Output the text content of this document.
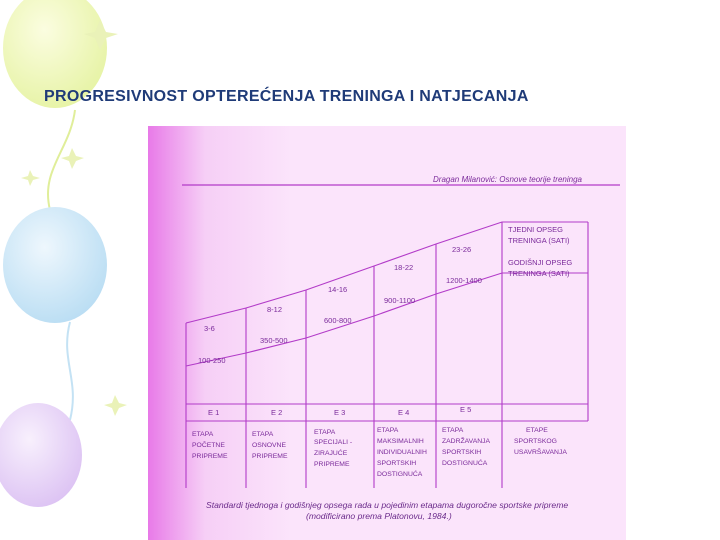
PROGRESIVNOST OPTEREĆENJA TRENINGA I NATJECANJA
Dragan Milanović: Osnove teorije treninga
TJEDNI OPSEG
TRENINGA (SATI)
GODIŠNJI OPSEG
TRENINGA (SATI)
3-6
8-12
14-16
18-22
23-26
100-250
350-500
600-800
900-1100
1200-1400
E 1	E 2	E 3	E 4	E 5
ETAPA
POČETNE
PRIPREME
ETAPA
OSNOVNE
PRIPREME
ETAPA
SPECIJALI -
ZIRAJUĆE
PRIPREME
ETAPA
MAKSIMALNIH
INDIVIDUALNIH
SPORTSKIH
DOSTIGNUĆA
ETAPA
ZADRŽAVANJA
SPORTSKIH
DOSTIGNUĆA
ETAPE
SPORTSKOG
USAVRŠAVANJA
Standardi tjednoga i godišnjeg opsega rada u pojedinim etapama dugoročne sportske pripreme
(modificirano prema Platonovu, 1984.)
